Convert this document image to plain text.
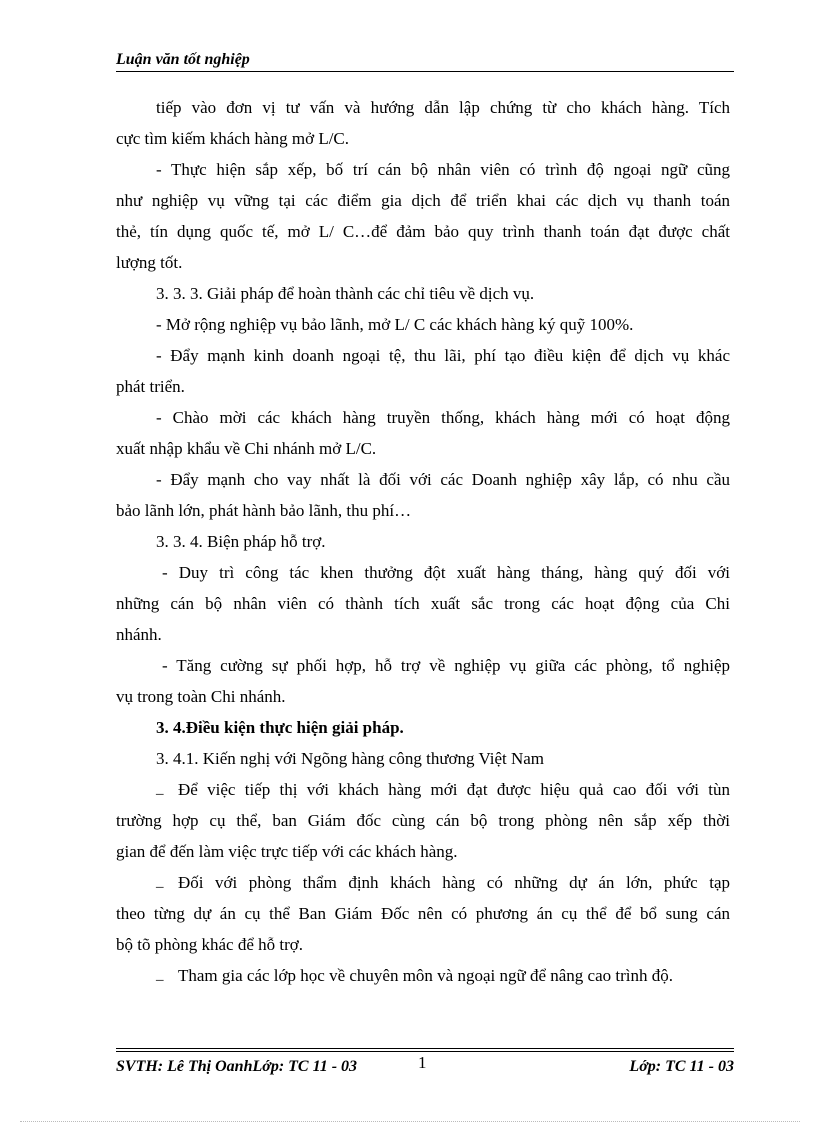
Luận văn tốt nghiệp
tiếp vào đơn vị tư vấn và hướng dẫn lập chứng từ cho khách hàng. Tích
cực tìm kiếm khách hàng mở L/C.
- Thực hiện sắp xếp, bố trí cán bộ nhân viên có trình độ ngoại ngữ cũng
như nghiệp vụ vững tại các điểm gia dịch để triển khai các dịch vụ thanh toán
thẻ, tín dụng quốc tế, mở L/ C…để đảm bảo quy trình thanh toán đạt được chất
lượng tốt.
3. 3. 3. Giải pháp để hoàn thành các chỉ tiêu về dịch vụ.
- Mở rộng nghiệp vụ bảo lãnh, mở L/ C các khách hàng ký quỹ 100%.
- Đẩy mạnh kinh doanh ngoại tệ, thu lãi, phí tạo điều kiện để dịch vụ khác
phát triển.
- Chào mời các khách hàng truyền thống, khách hàng mới có hoạt động
xuất nhập khẩu về Chi nhánh mở L/C.
- Đẩy mạnh cho vay nhất là đối với các Doanh nghiệp xây lắp, có nhu cầu
bảo lãnh lớn, phát hành bảo lãnh, thu phí…
3. 3. 4. Biện pháp hỗ trợ.
- Duy trì công tác khen thưởng đột xuất hàng tháng, hàng quý đối với
những cán bộ nhân viên có thành tích xuất sắc trong các hoạt động của Chi
nhánh.
- Tăng cường sự phối hợp, hỗ trợ về nghiệp vụ giữa các phòng, tổ nghiệp
vụ trong toàn Chi nhánh.
3. 4.Điều kiện thực hiện giải pháp.
3. 4.1. Kiến nghị với Ngõng hàng công thương Việt Nam
_ Để việc tiếp thị với khách hàng mới đạt được hiệu quả cao đối với tùn
trường hợp cụ thể, ban Giám đốc cùng cán bộ trong phòng nên sắp xếp thời
gian để đến làm việc trực tiếp với các khách hàng.
_ Đối với phòng thẩm định khách hàng có những dự án lớn, phức tạp
theo từng dự án cụ thể Ban Giám Đốc nên có phương án cụ thể để bổ sung cán
bộ tõ phòng khác để hỗ trợ.
_ Tham gia các lớp học về chuyên môn và ngoại ngữ để nâng cao trình độ.
SVTH: Lê Thị OanhLớp: TC 11 - 03	1	Lớp: TC 11 - 03
